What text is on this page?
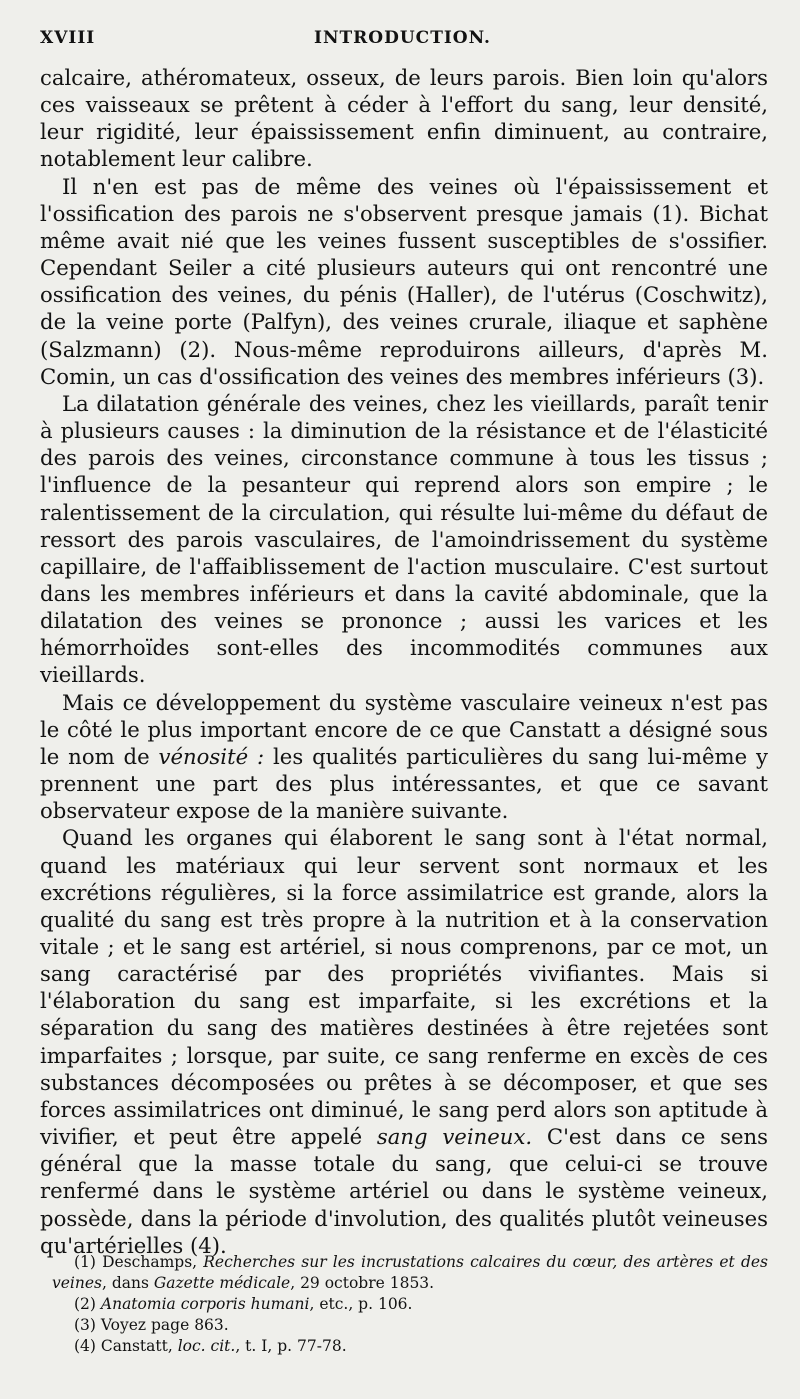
XVIII	INTRODUCTION.

calcaire, athéromateux, osseux, de leurs parois. Bien loin qu'alors ces vaisseaux se prêtent à céder à l'effort du sang, leur densité, leur rigidité, leur épaississement enfin diminuent, au contraire, notablement leur calibre.

Il n'en est pas de même des veines où l'épaississement et l'ossification des parois ne s'observent presque jamais (1). Bichat même avait nié que les veines fussent susceptibles de s'ossifier. Cependant Seiler a cité plusieurs auteurs qui ont rencontré une ossification des veines, du pénis (Haller), de l'utérus (Coschwitz), de la veine porte (Palfyn), des veines crurale, iliaque et saphène (Salzmann) (2). Nous-même reproduirons ailleurs, d'après M. Comin, un cas d'ossification des veines des membres inférieurs (3).

La dilatation générale des veines, chez les vieillards, paraît tenir à plusieurs causes : la diminution de la résistance et de l'élasticité des parois des veines, circonstance commune à tous les tissus ; l'influence de la pesanteur qui reprend alors son empire ; le ralentissement de la circulation, qui résulte lui-même du défaut de ressort des parois vasculaires, de l'amoindrissement du système capillaire, de l'affaiblissement de l'action musculaire. C'est surtout dans les membres inférieurs et dans la cavité abdominale, que la dilatation des veines se prononce ; aussi les varices et les hémorrhoïdes sont-elles des incommodités communes aux vieillards.

Mais ce développement du système vasculaire veineux n'est pas le côté le plus important encore de ce que Canstatt a désigné sous le nom de vénosité : les qualités particulières du sang lui-même y prennent une part des plus intéressantes, et que ce savant observateur expose de la manière suivante.

Quand les organes qui élaborent le sang sont à l'état normal, quand les matériaux qui leur servent sont normaux et les excrétions régulières, si la force assimilatrice est grande, alors la qualité du sang est très propre à la nutrition et à la conservation vitale ; et le sang est artériel, si nous comprenons, par ce mot, un sang caractérisé par des propriétés vivifiantes. Mais si l'élaboration du sang est imparfaite, si les excrétions et la séparation du sang des matières destinées à être rejetées sont imparfaites ; lorsque, par suite, ce sang renferme en excès de ces substances décomposées ou prêtes à se décomposer, et que ses forces assimilatrices ont diminué, le sang perd alors son aptitude à vivifier, et peut être appelé sang veineux. C'est dans ce sens général que la masse totale du sang, que celui-ci se trouve renfermé dans le système artériel ou dans le système veineux, possède, dans la période d'involution, des qualités plutôt veineuses qu'artérielles (4).

(1) Deschamps, Recherches sur les incrustations calcaires du cœur, des artères et des veines, dans Gazette médicale, 29 octobre 1853.

(2) Anatomia corporis humani, etc., p. 106.

(3) Voyez page 863.

(4) Canstatt, loc. cit., t. I, p. 77-78.
